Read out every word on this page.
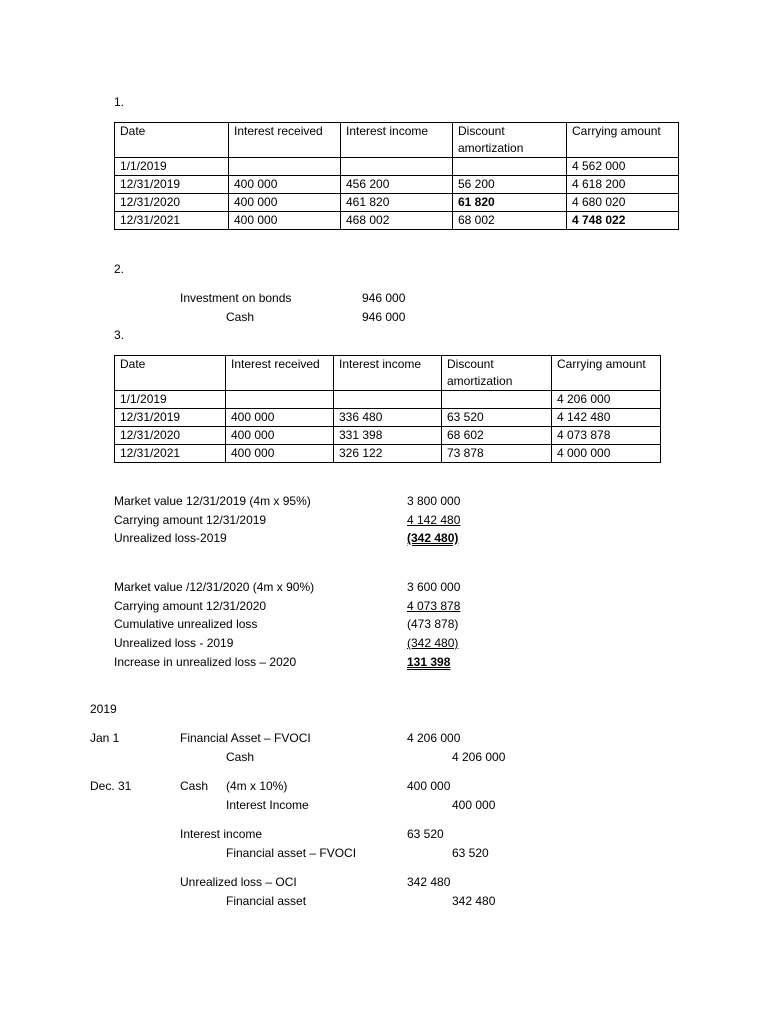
1.
Date	Interest received	Interest income	Discount amortization	Carrying amount
1/1/2019				4 562 000
12/31/2019	400 000	456 200	56 200	4 618 200
12/31/2020	400 000	461 820	61 820	4 680 020
12/31/2021	400 000	468 002	68 002	4 748 022
2.
Investment on bonds	946 000
Cash	946 000
3.
Date	Interest received	Interest income	Discount amortization	Carrying amount
1/1/2019				4 206 000
12/31/2019	400 000	336 480	63 520	4 142 480
12/31/2020	400 000	331 398	68 602	4 073 878
12/31/2021	400 000	326 122	73 878	4 000 000
Market value 12/31/2019 (4m x 95%)	3 800 000
Carrying amount 12/31/2019	4 142 480
Unrealized loss-2019	(342 480)
Market value /12/31/2020 (4m x 90%)	3 600 000
Carrying amount 12/31/2020	4 073 878
Cumulative unrealized loss	(473 878)
Unrealized loss - 2019	(342 480)
Increase in unrealized loss – 2020	131 398
2019
Jan 1	Financial Asset – FVOCI	4 206 000
Cash	4 206 000
Dec. 31	Cash (4m x 10%)	400 000
Interest Income	400 000
Interest income	63 520
Financial asset – FVOCI	63 520
Unrealized loss – OCI	342 480
Financial asset	342 480
